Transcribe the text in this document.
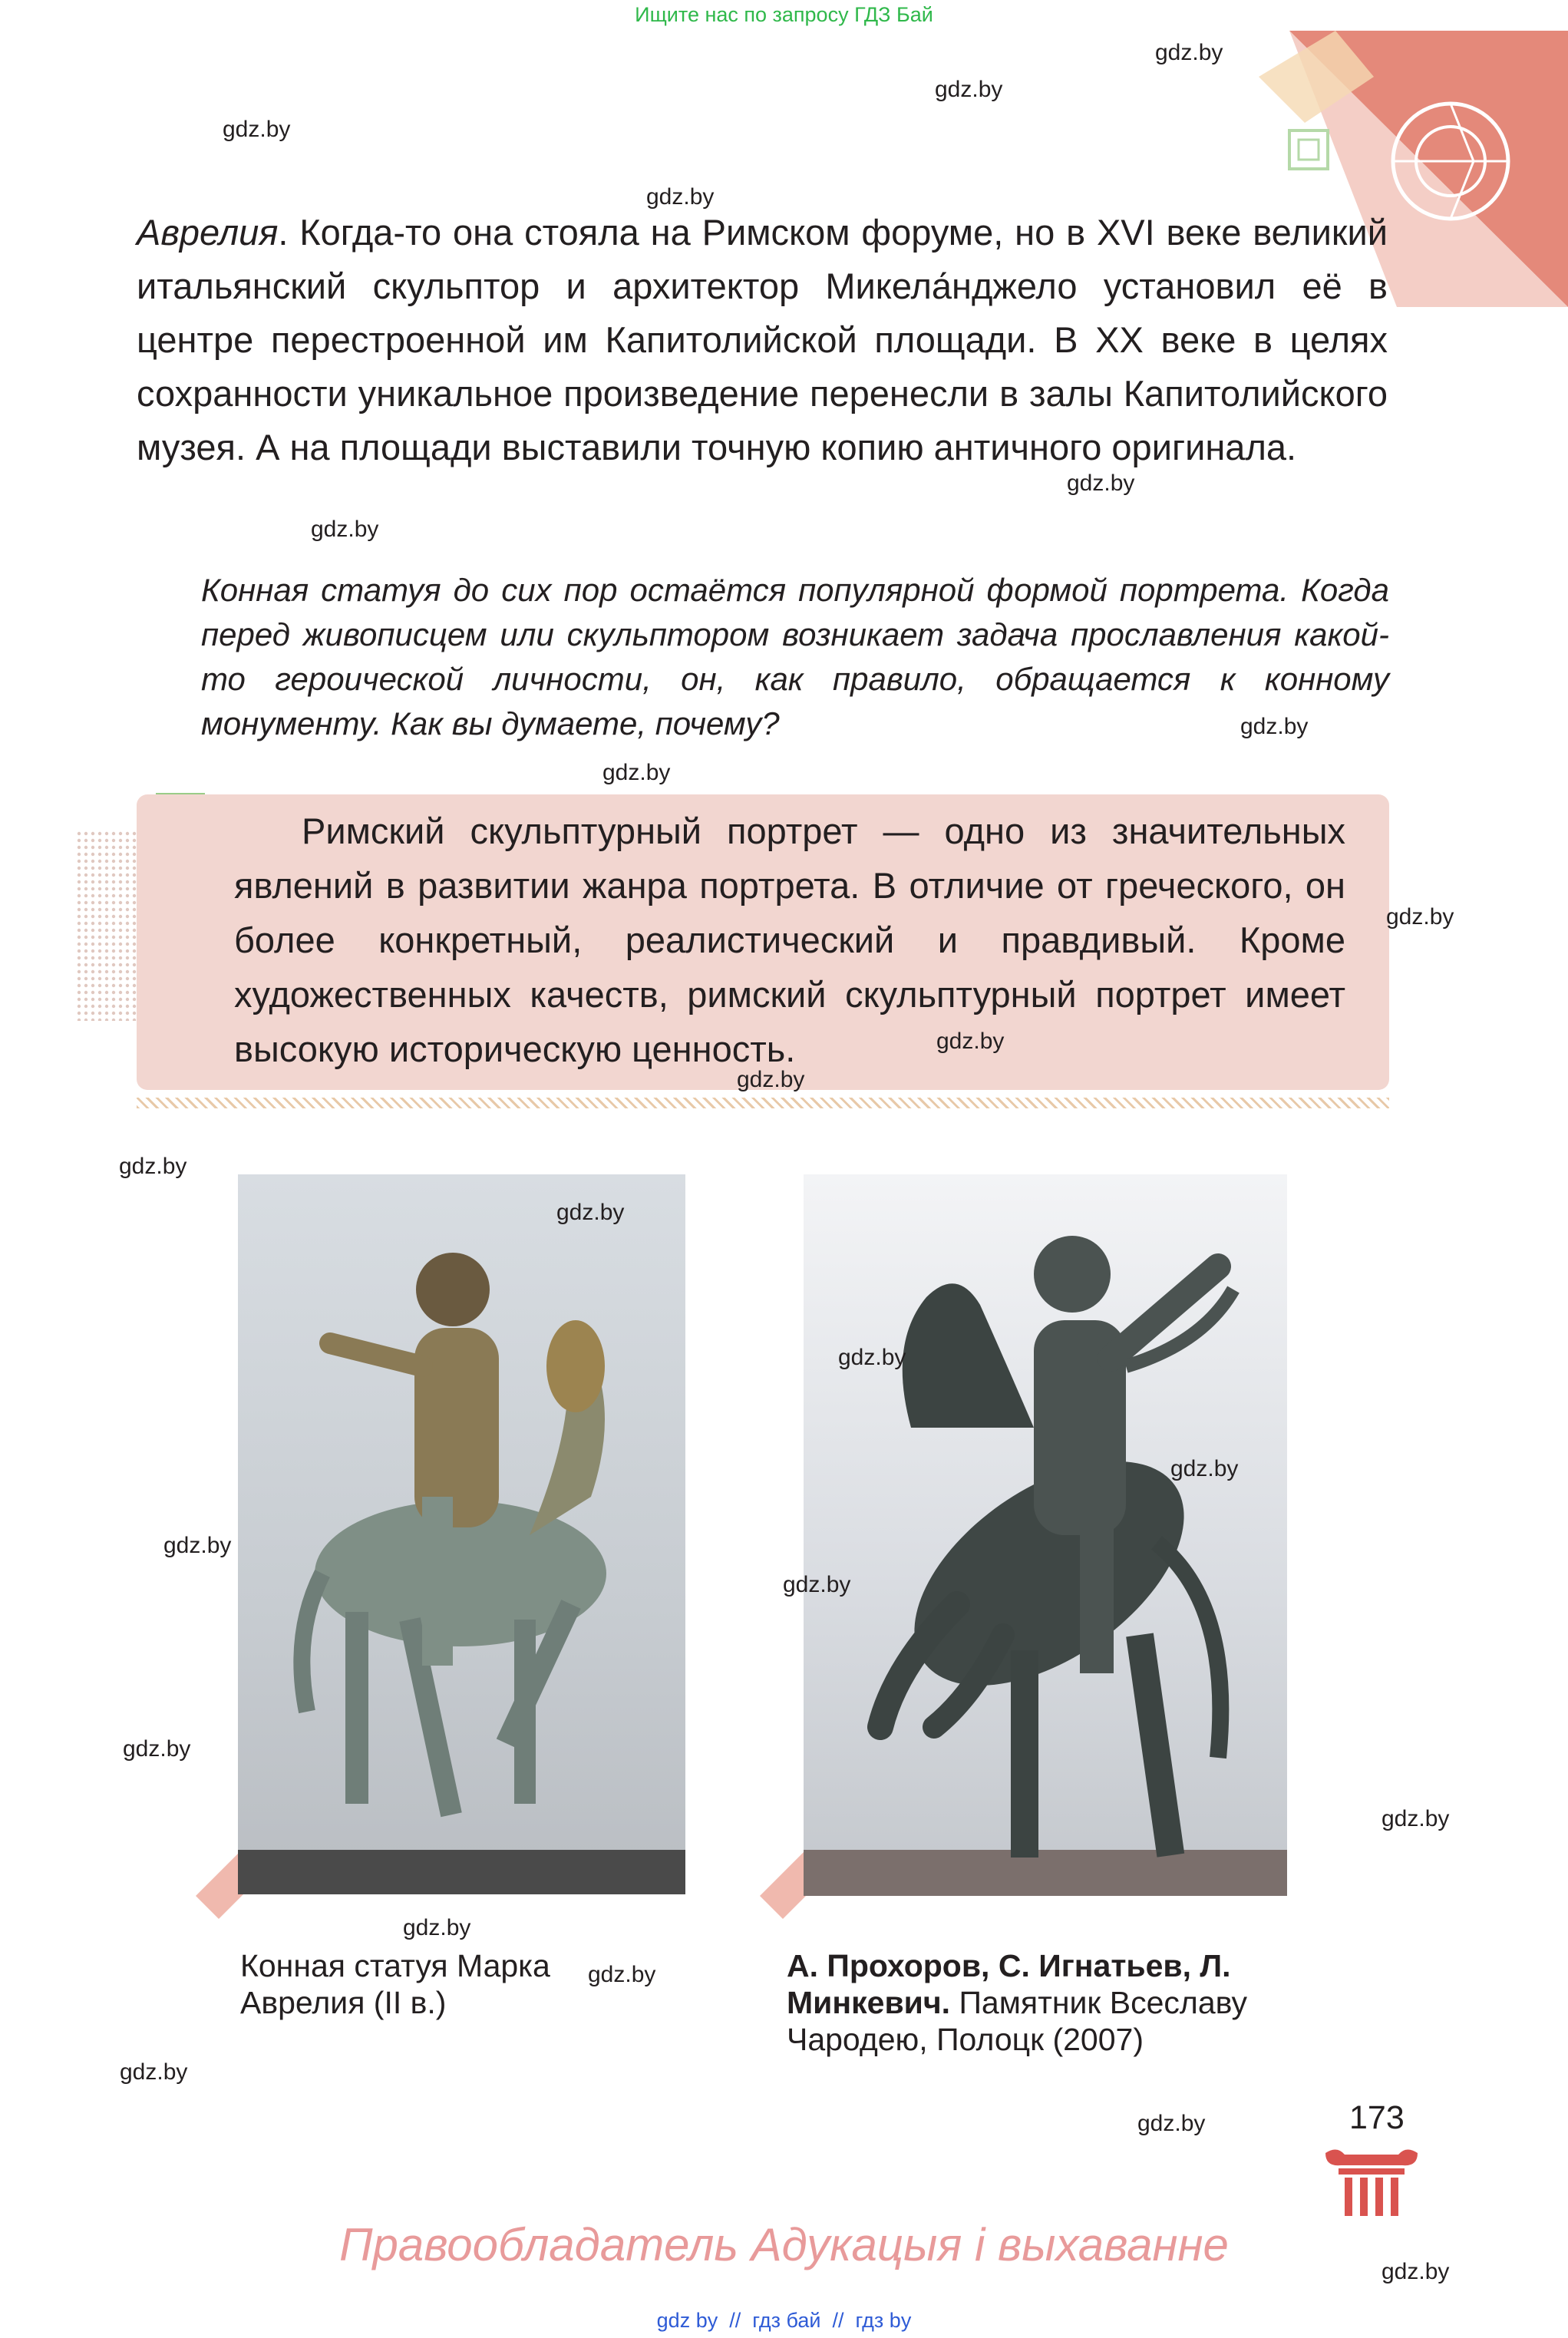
Ищите нас по запросу ГДЗ Бай
gdz.by
gdz.by
gdz.by
gdz.by
gdz.by
gdz.by
gdz.by
gdz.by
Аврелия. Когда-то она стояла на Римском форуме, но в XVI веке великий итальянский скульптор и архитектор Микела́нджело установил её в центре перестроенной им Капитолийской площади. В XX веке в целях сохранности уникальное произведение перенесли в залы Капитолийского музея. А на площади выставили точную копию античного оригинала.
Конная статуя до сих пор остаётся популярной формой портрета. Когда перед живописцем или скульптором возникает задача прославления какой-то героической личности, он, как правило, обращается к конному монументу. Как вы думаете, почему?
Римский скульптурный портрет — одно из значительных явлений в развитии жанра портрета. В отличие от греческого, он более конкретный, реалистический и правдивый. Кроме художественных качеств, римский скульптурный портрет имеет высокую историческую ценность.
gdz.by
gdz.by
gdz.by
gdz.by
gdz.by
gdz.by
gdz.by
gdz.by
gdz.by
gdz.by
gdz.by
gdz.by
gdz.by
gdz.by
Конная статуя Марка Аврелия (II в.)
А. Прохоров, С. Игнатьев, Л. Минкевич. Памятник Всеславу Чародею, Полоцк (2007)
gdz.by	173
Правообладатель Адукацыя і выхаванне
gdz.by
gdz by // гдз бай // гдз by
